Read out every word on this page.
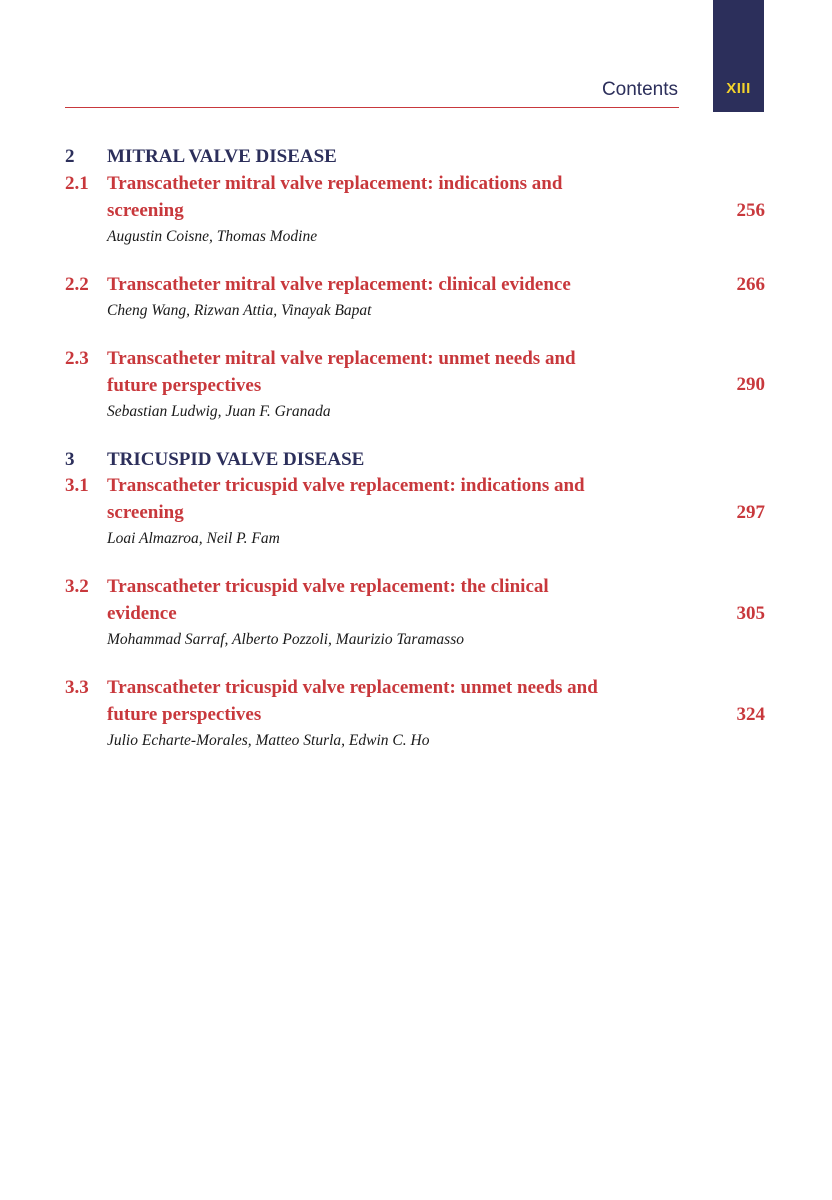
XIII
Contents
2 MITRAL VALVE DISEASE
2.1 Transcatheter mitral valve replacement: indications and
screening	256
Augustin Coisne, Thomas Modine
2.2 Transcatheter mitral valve replacement: clinical evidence	266
Cheng Wang, Rizwan Attia, Vinayak Bapat
2.3 Transcatheter mitral valve replacement: unmet needs and
future perspectives	290
Sebastian Ludwig, Juan F. Granada
3 TRICUSPID VALVE DISEASE
3.1 Transcatheter tricuspid valve replacement: indications and
screening	297
Loai Almazroa, Neil P. Fam
3.2 Transcatheter tricuspid valve replacement: the clinical
evidence	305
Mohammad Sarraf, Alberto Pozzoli, Maurizio Taramasso
3.3 Transcatheter tricuspid valve replacement: unmet needs and
future perspectives	324
Julio Echarte-Morales, Matteo Sturla, Edwin C. Ho
